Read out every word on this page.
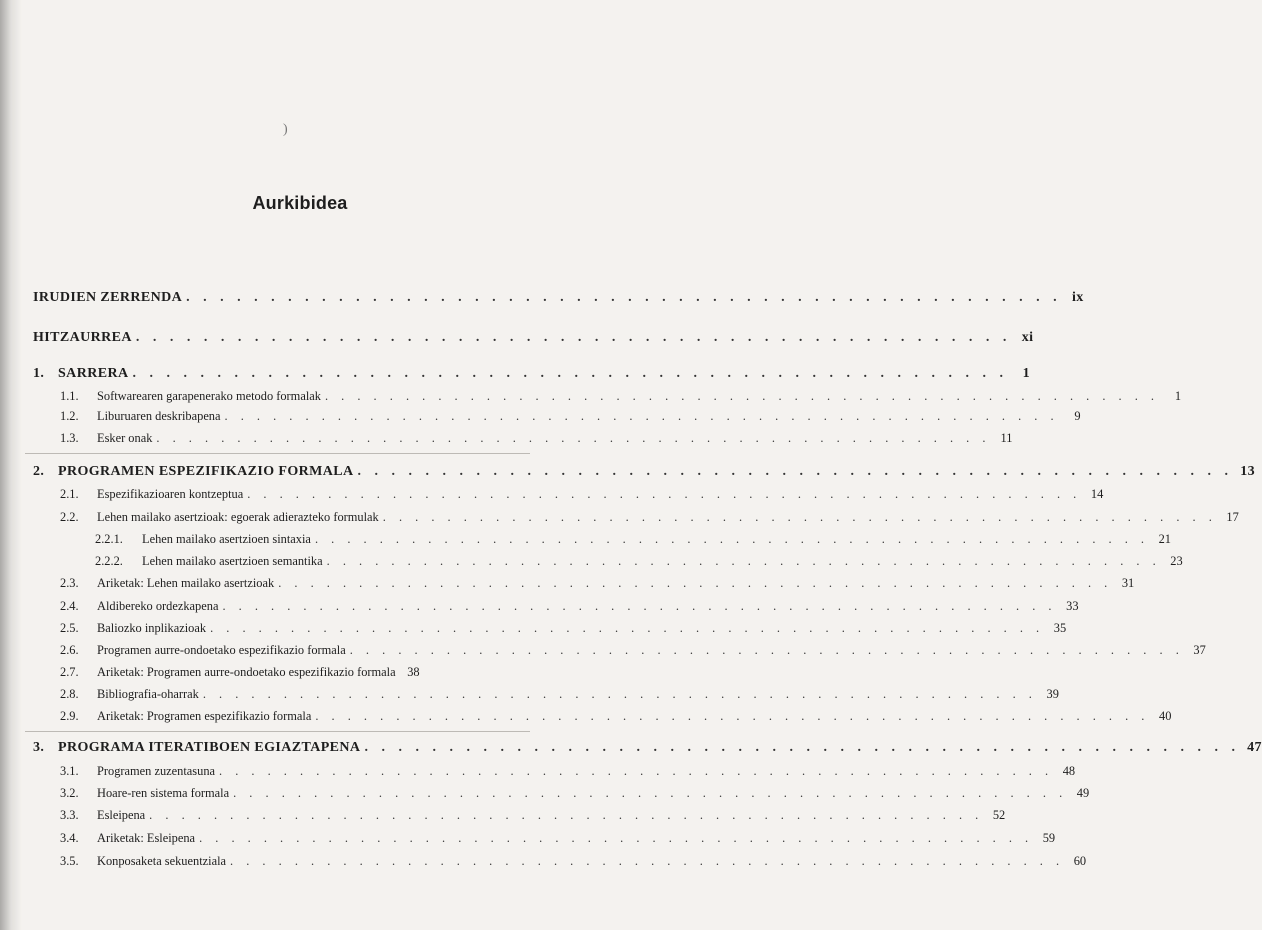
)
Aurkibidea
IRUDIEN ZERRENDA . . . . . . . . . . . . . . . . . . . . . . . . . . . . . . . . . . . . . . . . . . . . . . . . . . . . ix
HITZAURREA . . . . . . . . . . . . . . . . . . . . . . . . . . . . . . . . . . . . . . . . . . . . . . . . . . . . xi
1. SARRERA . . . . . . . . . . . . . . . . . . . . . . . . . . . . . . . . . . . . . . . . . . . . . . . . . . . .	1
1.1.	Softwarearen garapenerako metodo formalak . . . . . . . . . . . . . . . . . . . . . . . . . . . . . . . . . . . . . . . . . . . . . . . . . . . .	1
1.2.	Liburuaren deskribapena . . . . . . . . . . . . . . . . . . . . . . . . . . . . . . . . . . . . . . . . . . . . . . . . . . . .	9
1.3.	Esker onak . . . . . . . . . . . . . . . . . . . . . . . . . . . . . . . . . . . . . . . . . . . . . . . . . . . . 11
2. PROGRAMEN ESPEZIFIKAZIO FORMALA . . . . . . . . . . . . . . . . . . . . . . . . . . . . . . . . . . . . . . . . . . . . . . . . . . . . 13
2.1.	Espezifikazioaren kontzeptua . . . . . . . . . . . . . . . . . . . . . . . . . . . . . . . . . . . . . . . . . . . . . . . . . . . . 14
2.2.	Lehen mailako asertzioak: egoerak adierazteko formulak . . . . . . . . . . . . . . . . . . . . . . . . . . . . . . . . . . . . . . . . . . . . . . . . . . . . 17
2.2.1.	Lehen mailako asertzioen sintaxia . . . . . . . . . . . . . . . . . . . . . . . . . . . . . . . . . . . . . . . . . . . . . . . . . . . . 21
2.2.2.	Lehen mailako asertzioen semantika . . . . . . . . . . . . . . . . . . . . . . . . . . . . . . . . . . . . . . . . . . . . . . . . . . . . 23
2.3.	Ariketak: Lehen mailako asertzioak . . . . . . . . . . . . . . . . . . . . . . . . . . . . . . . . . . . . . . . . . . . . . . . . . . . . 31
2.4.	Aldibereko ordezkapena . . . . . . . . . . . . . . . . . . . . . . . . . . . . . . . . . . . . . . . . . . . . . . . . . . . . 33
2.5.	Baliozko inplikazioak . . . . . . . . . . . . . . . . . . . . . . . . . . . . . . . . . . . . . . . . . . . . . . . . . . . . 35
2.6.	Programen aurre-ondoetako espezifikazio formala . . . . . . . . . . . . . . . . . . . . . . . . . . . . . . . . . . . . . . . . . . . . . . . . . . . . 37
2.7.	Ariketak: Programen aurre-ondoetako espezifikazio formala 38
2.8.	Bibliografia-oharrak . . . . . . . . . . . . . . . . . . . . . . . . . . . . . . . . . . . . . . . . . . . . . . . . . . . . 39
2.9.	Ariketak: Programen espezifikazio formala . . . . . . . . . . . . . . . . . . . . . . . . . . . . . . . . . . . . . . . . . . . . . . . . . . . . 40
3. PROGRAMA ITERATIBOEN EGIAZTAPENA . . . . . . . . . . . . . . . . . . . . . . . . . . . . . . . . . . . . . . . . . . . . . . . . . . . . 47
3.1.	Programen zuzentasuna . . . . . . . . . . . . . . . . . . . . . . . . . . . . . . . . . . . . . . . . . . . . . . . . . . . . 48
3.2.	Hoare-ren sistema formala . . . . . . . . . . . . . . . . . . . . . . . . . . . . . . . . . . . . . . . . . . . . . . . . . . . . 49
3.3.	Esleipena . . . . . . . . . . . . . . . . . . . . . . . . . . . . . . . . . . . . . . . . . . . . . . . . . . . . 52
3.4.	Ariketak: Esleipena . . . . . . . . . . . . . . . . . . . . . . . . . . . . . . . . . . . . . . . . . . . . . . . . . . . . 59
3.5.	Konposaketa sekuentziala . . . . . . . . . . . . . . . . . . . . . . . . . . . . . . . . . . . . . . . . . . . . . . . . . . . . 60
